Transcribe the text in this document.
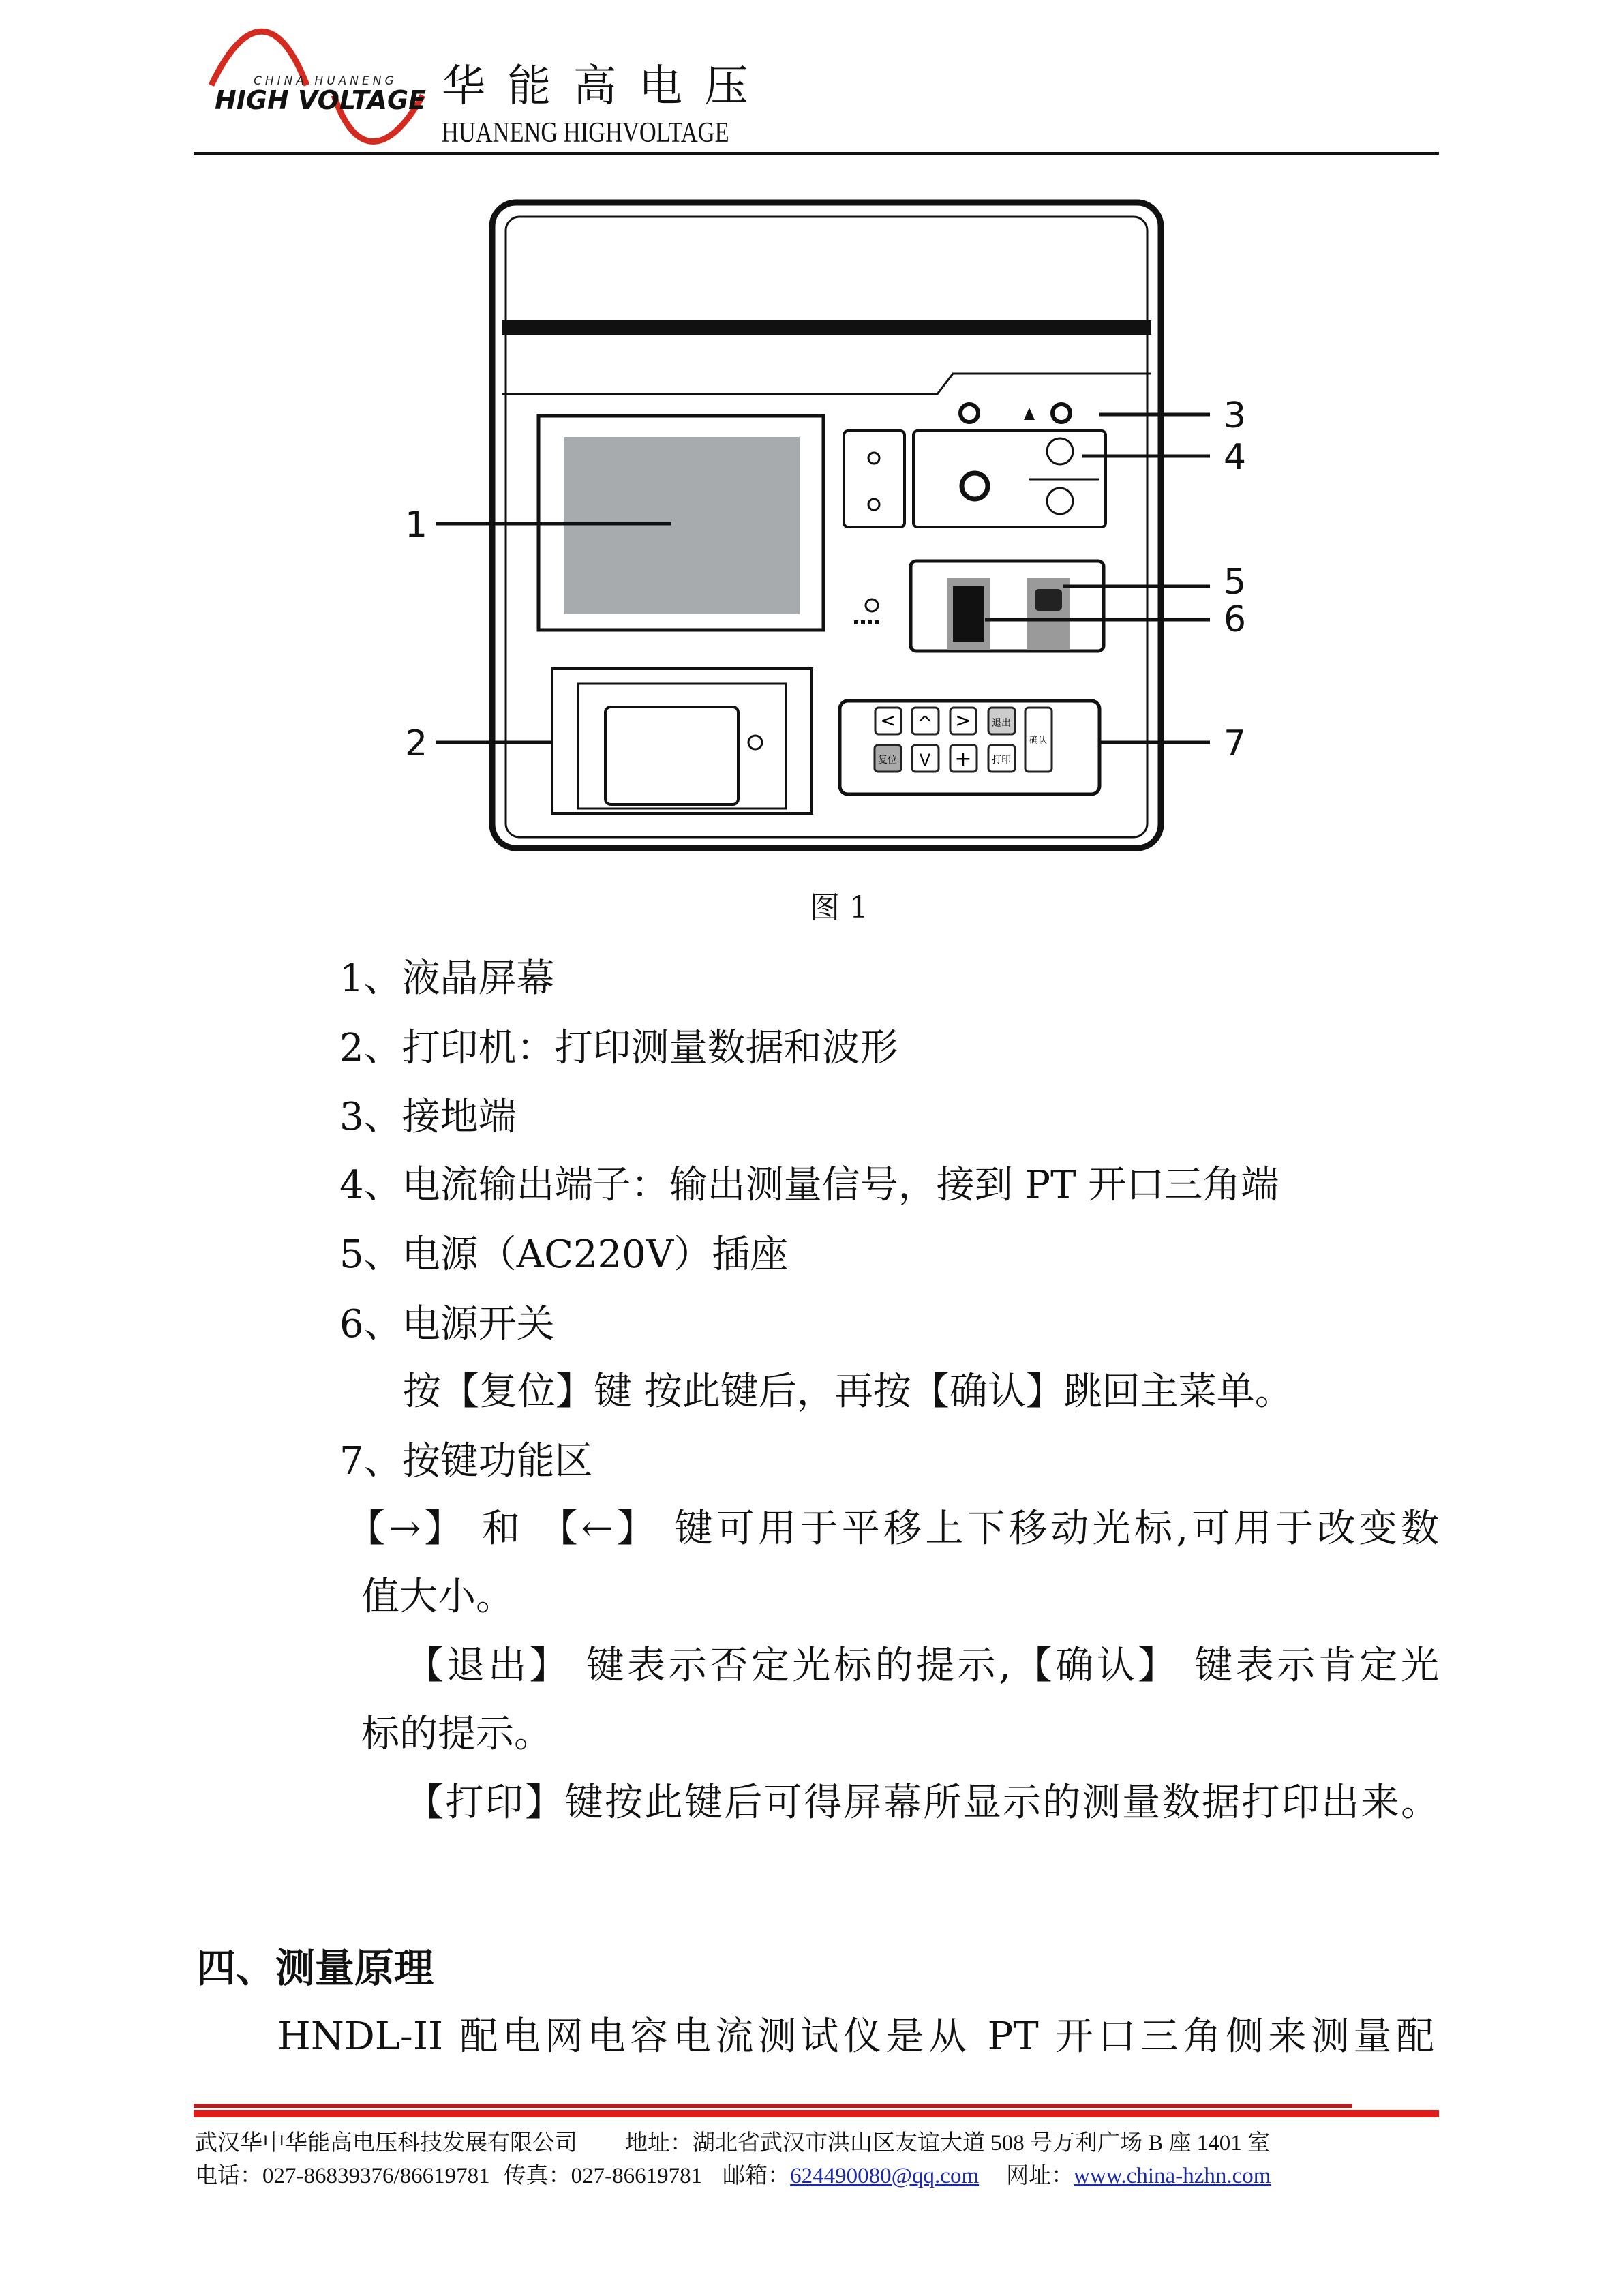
CHINA HUANENG
HIGH VOLTAGE 华 能 高 电 压
HUANENG HIGHVOLTAGE
< ^ > 退出
复位 V + 打印
确认
1
2
3
4
5
6
7
图 1
1、液晶屏幕
2、打印机：打印测量数据和波形
3、接地端
4、电流输出端子：输出测量信号，接到 PT 开口三角端
5、电源（AC220V）插座
6、电源开关
按【复位】键 按此键后，再按【确认】跳回主菜单。
7、按键功能区
【→】 和 【←】 键可用于平移上下移动光标,可用于改变数
值大小。
【退出】 键表示否定光标的提示,【确认】 键表示肯定光
标的提示。
【打印】键按此键后可得屏幕所显示的测量数据打印出来。
四、测量原理
HNDL-II 配电网电容电流测试仪是从 PT 开口三角侧来测量配
武汉华中华能高电压科技发展有限公司 地址：湖北省武汉市洪山区友谊大道 508 号万利广场 B 座 1401 室
电话：027-86839376/86619781 传真：027-86619781 邮箱： 624490080@qq.com 网址： www.china-hzhn.com
